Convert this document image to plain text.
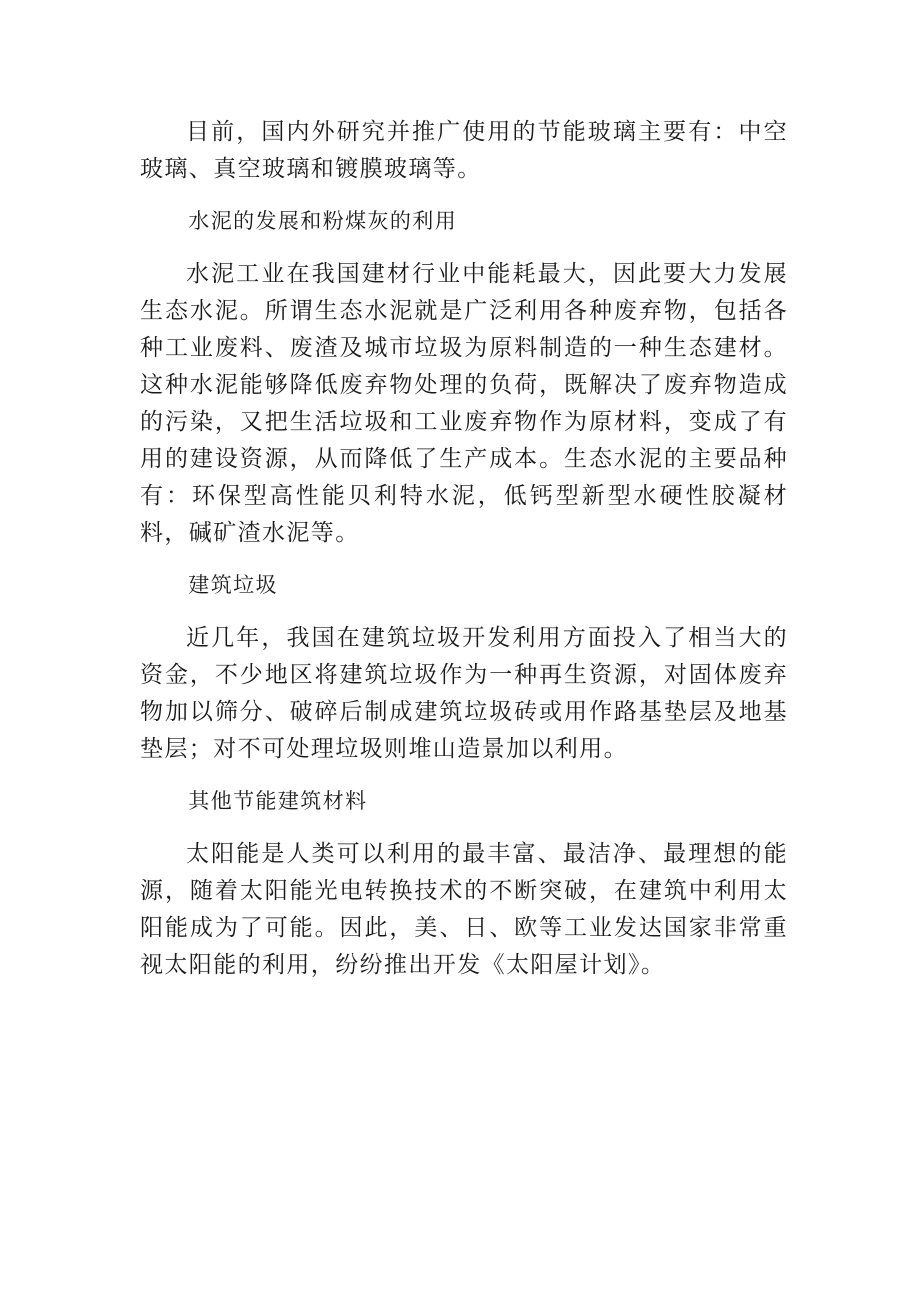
目前，国内外研究并推广使用的节能玻璃主要有：中空玻璃、真空玻璃和镀膜玻璃等。

水泥的发展和粉煤灰的利用

水泥工业在我国建材行业中能耗最大，因此要大力发展生态水泥。所谓生态水泥就是广泛利用各种废弃物，包括各种工业废料、废渣及城市垃圾为原料制造的一种生态建材。这种水泥能够降低废弃物处理的负荷，既解决了废弃物造成的污染，又把生活垃圾和工业废弃物作为原材料，变成了有用的建设资源，从而降低了生产成本。生态水泥的主要品种有：环保型高性能贝利特水泥，低钙型新型水硬性胶凝材料，碱矿渣水泥等。

建筑垃圾

近几年，我国在建筑垃圾开发利用方面投入了相当大的资金，不少地区将建筑垃圾作为一种再生资源，对固体废弃物加以筛分、破碎后制成建筑垃圾砖或用作路基垫层及地基垫层；对不可处理垃圾则堆山造景加以利用。

其他节能建筑材料

太阳能是人类可以利用的最丰富、最洁净、最理想的能源，随着太阳能光电转换技术的不断突破，在建筑中利用太阳能成为了可能。因此，美、日、欧等工业发达国家非常重视太阳能的利用，纷纷推出开发《太阳屋计划》。
